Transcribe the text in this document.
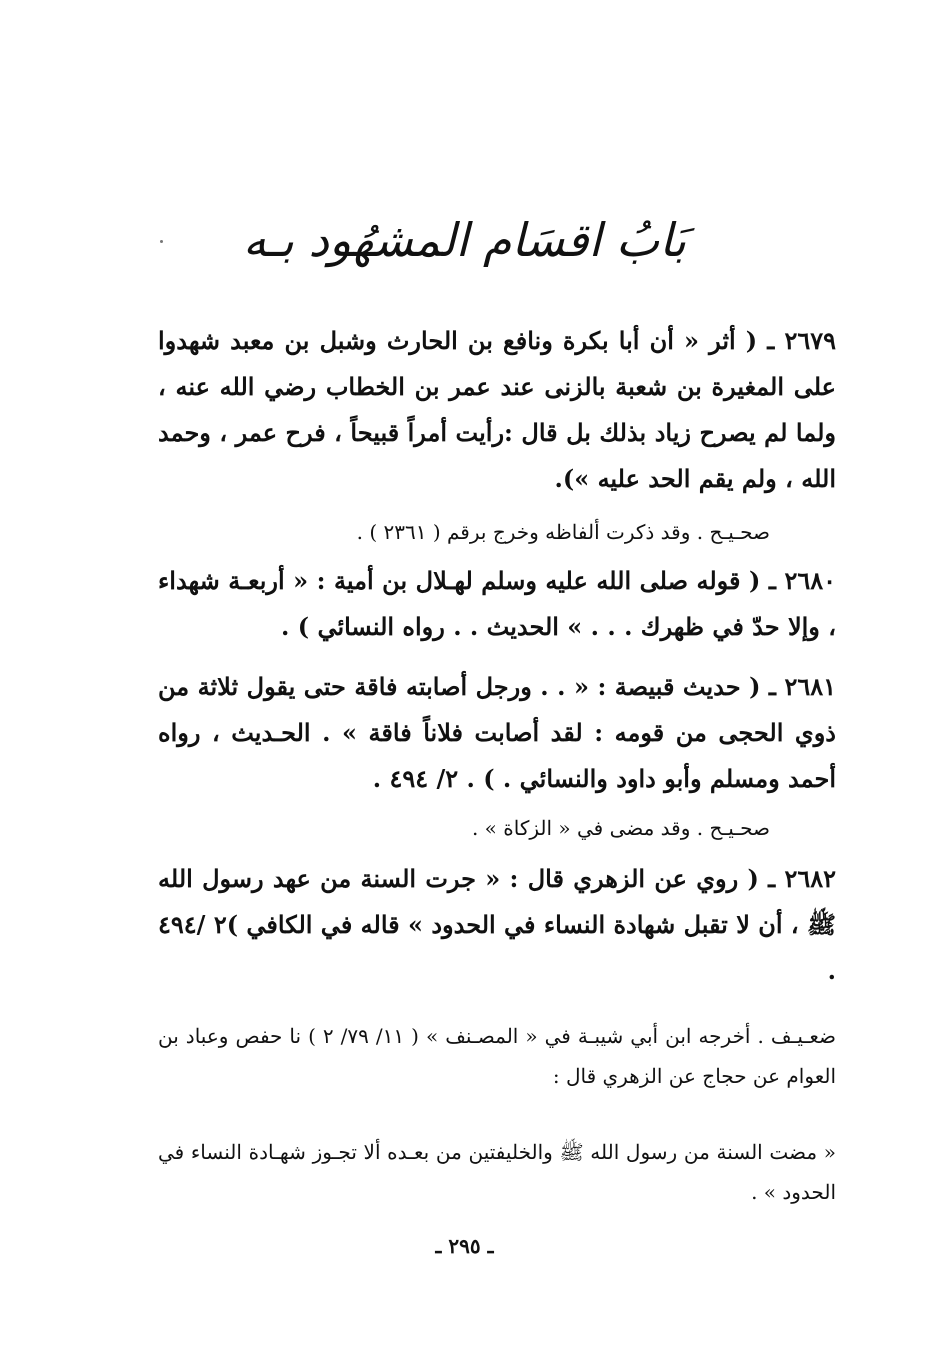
بَابُ اقسَام المشهُود بـه

٢٦٧٩ ـ ( أثر « أن أبا بكرة ونافع بن الحارث وشبل بن معبد شهدوا على المغيرة بن شعبة بالزنى عند عمر بن الخطاب رضي الله عنه ، ولما لم يصرح زياد بذلك بل قال :رأيت أمراً قبيحاً ، فرح عمر ، وحمد الله ، ولم يقم الحد عليه »).

صحـيـح . وقد ذكرت ألفاظه وخرج برقم ( ٢٣٦١ ) .

٢٦٨٠ ـ ( قوله صلى الله عليه وسلم لهـلال بن أمية : « أربعـة شهداء ، وإلا حدّ في ظهرك . . . » الحديث . . رواه النسائي ) .

٢٦٨١ ـ ( حديث قبيصة : « . . ورجل أصابته فاقة حتى يقول ثلاثة من ذوي الحجى من قومه : لقد أصابت فلاناً فاقة » . الحـديث ، رواه أحمد ومسلم وأبو داود والنسائي . ) . ٢/ ٤٩٤ .

صحـيـح . وقد مضى في « الزكاة » .

٢٦٨٢ ـ ( روي عن الزهري قال : « جرت السنة من عهد رسول الله ﷺ ، أن لا تقبل شهادة النساء في الحدود » قاله في الكافي )٢ /٤٩٤ .

ضعـيـف . أخرجه ابن أبي شيبـة في « المصـنف » ( ١١/ ٧٩/ ٢ ) نا حفص وعباد بن العوام عن حجاج عن الزهري قال :

« مضت السنة من رسول الله ﷺ والخليفتين من بعـده ألا تجـوز شهـادة النساء في الحدود » .

ـ ٢٩٥ ـ
